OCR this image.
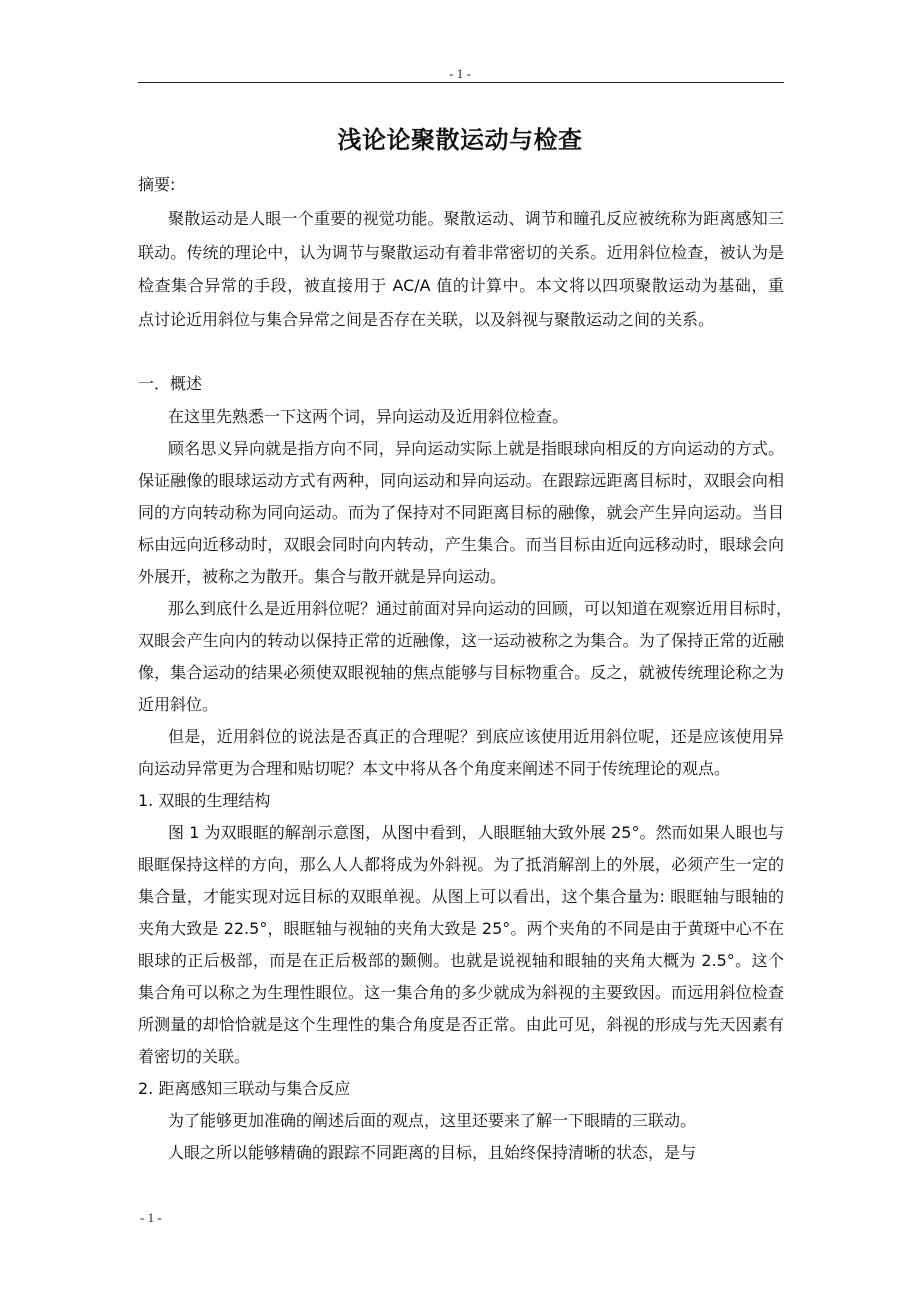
- 1 -
浅论论聚散运动与检查
摘要:
聚散运动是人眼一个重要的视觉功能。聚散运动、调节和瞳孔反应被统称为距离感知三
联动。传统的理论中，认为调节与聚散运动有着非常密切的关系。近用斜位检查，被认为是
检查集合异常的手段，被直接用于 AC/A 值的计算中。本文将以四项聚散运动为基础，重
点讨论近用斜位与集合异常之间是否存在关联，以及斜视与聚散运动之间的关系。
一．概述
在这里先熟悉一下这两个词，异向运动及近用斜位检查。
顾名思义异向就是指方向不同，异向运动实际上就是指眼球向相反的方向运动的方式。
保证融像的眼球运动方式有两种，同向运动和异向运动。在跟踪远距离目标时，双眼会向相
同的方向转动称为同向运动。而为了保持对不同距离目标的融像，就会产生异向运动。当目
标由远向近移动时，双眼会同时向内转动，产生集合。而当目标由近向远移动时，眼球会向
外展开，被称之为散开。集合与散开就是异向运动。
那么到底什么是近用斜位呢？通过前面对异向运动的回顾，可以知道在观察近用目标时，
双眼会产生向内的转动以保持正常的近融像，这一运动被称之为集合。为了保持正常的近融
像，集合运动的结果必须使双眼视轴的焦点能够与目标物重合。反之，就被传统理论称之为
近用斜位。
但是，近用斜位的说法是否真正的合理呢？到底应该使用近用斜位呢，还是应该使用异
向运动异常更为合理和贴切呢？本文中将从各个角度来阐述不同于传统理论的观点。
1. 双眼的生理结构
图 1 为双眼眶的解剖示意图，从图中看到，人眼眶轴大致外展 25°。然而如果人眼也与
眼眶保持这样的方向，那么人人都将成为外斜视。为了抵消解剖上的外展，必须产生一定的
集合量，才能实现对远目标的双眼单视。从图上可以看出，这个集合量为: 眼眶轴与眼轴的
夹角大致是 22.5°，眼眶轴与视轴的夹角大致是 25°。两个夹角的不同是由于黄斑中心不在
眼球的正后极部，而是在正后极部的颞侧。也就是说视轴和眼轴的夹角大概为 2.5°。这个
集合角可以称之为生理性眼位。这一集合角的多少就成为斜视的主要致因。而远用斜位检查
所测量的却恰恰就是这个生理性的集合角度是否正常。由此可见，斜视的形成与先天因素有
着密切的关联。
2. 距离感知三联动与集合反应
为了能够更加准确的阐述后面的观点，这里还要来了解一下眼睛的三联动。
人眼之所以能够精确的跟踪不同距离的目标，且始终保持清晰的状态，是与
- 1 -
